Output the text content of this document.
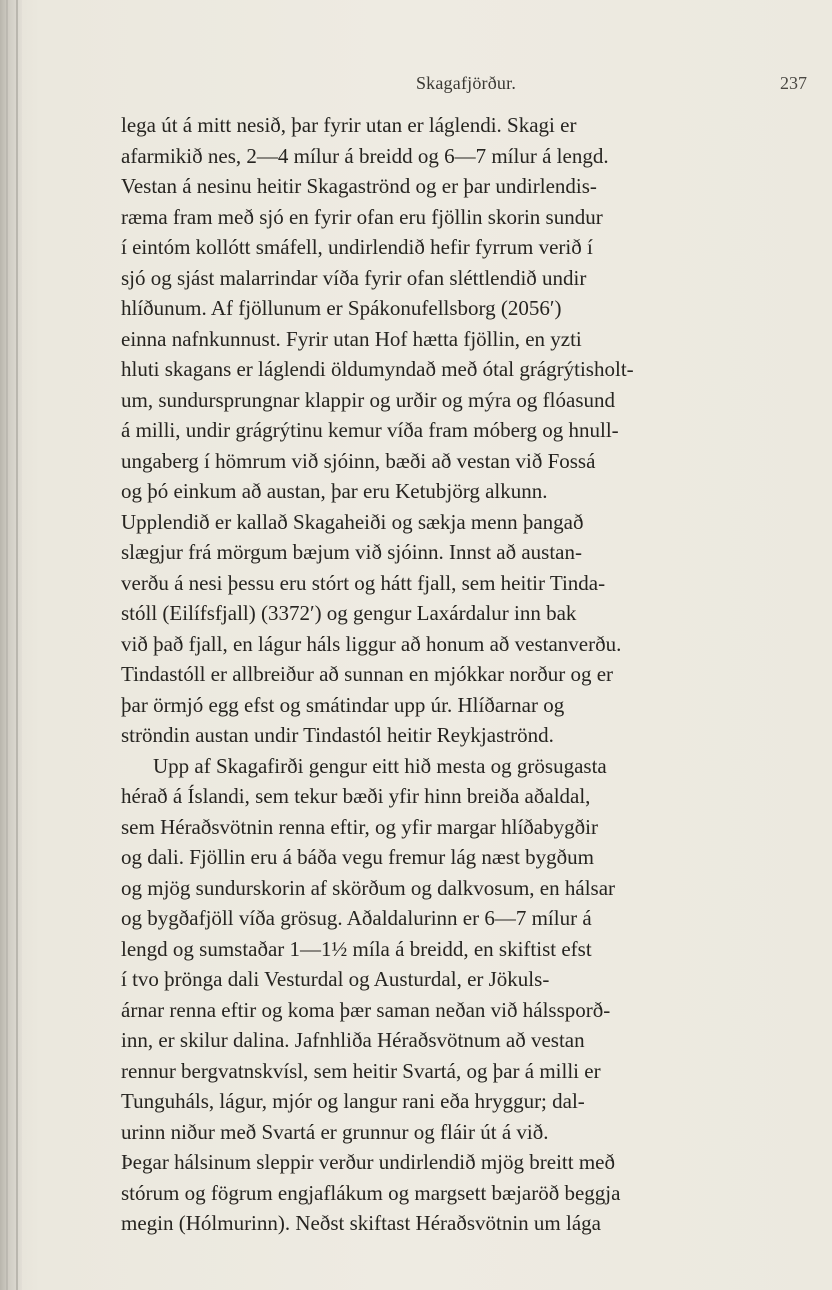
Skagafjörður.	237
lega út á mitt nesið, þar fyrir utan er láglendi. Skagi er
afarmikið nes, 2—4 mílur á breidd og 6—7 mílur á lengd.
Vestan á nesinu heitir Skagaströnd og er þar undirlendis-
ræma fram með sjó en fyrir ofan eru fjöllin skorin sundur
í eintóm kollótt smáfell, undirlendið hefir fyrrum verið í
sjó og sjást malarrindar víða fyrir ofan sléttlendið undir
hlíðunum. Af fjöllunum er Spákonufellsborg (2056′)
einna nafnkunnust. Fyrir utan Hof hætta fjöllin, en yzti
hluti skagans er láglendi öldumyndað með ótal grágrýtisholt-
um, sundursprungnar klappir og urðir og mýra og flóasund
á milli, undir grágrýtinu kemur víða fram móberg og hnull-
ungaberg í hömrum við sjóinn, bæði að vestan við Fossá
og þó einkum að austan, þar eru Ketubjörg alkunn.
Upplendið er kallað Skagaheiði og sækja menn þangað
slægjur frá mörgum bæjum við sjóinn. Innst að austan-
verðu á nesi þessu eru stórt og hátt fjall, sem heitir Tinda-
stóll (Eilífsfjall) (3372′) og gengur Laxárdalur inn bak
við það fjall, en lágur háls liggur að honum að vestanverðu.
Tindastóll er allbreiður að sunnan en mjókkar norður og er
þar örmjó egg efst og smátindar upp úr. Hlíðarnar og
ströndin austan undir Tindastól heitir Reykjaströnd.
Upp af Skagafirði gengur eitt hið mesta og grösugasta
hérað á Íslandi, sem tekur bæði yfir hinn breiða aðaldal,
sem Héraðsvötnin renna eftir, og yfir margar hlíðabygðir
og dali. Fjöllin eru á báða vegu fremur lág næst bygðum
og mjög sundurskorin af skörðum og dalkvosum, en hálsar
og bygðafjöll víða grösug. Aðaldalurinn er 6—7 mílur á
lengd og sumstaðar 1—1½ míla á breidd, en skiftist efst
í tvo þrönga dali Vesturdal og Austurdal, er Jökuls-
árnar renna eftir og koma þær saman neðan við hálssporð-
inn, er skilur dalina. Jafnhliða Héraðsvötnum að vestan
rennur bergvatnskvísl, sem heitir Svartá, og þar á milli er
Tunguháls, lágur, mjór og langur rani eða hryggur; dal-
urinn niður með Svartá er grunnur og fláir út á við.
Þegar hálsinum sleppir verður undirlendið mjög breitt með
stórum og fögrum engjaflákum og margsett bæjaröð beggja
megin (Hólmurinn). Neðst skiftast Héraðsvötnin um lága
